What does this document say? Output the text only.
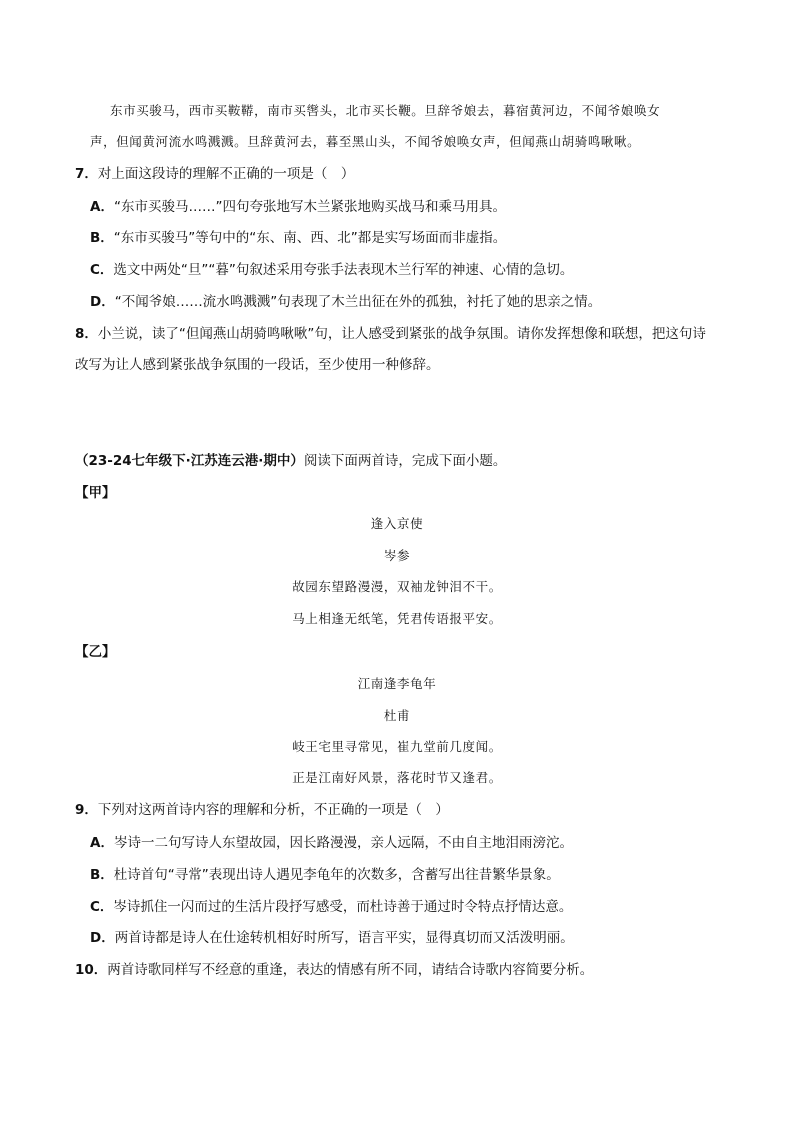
东市买骏马，西市买鞍鞯，南市买辔头，北市买长鞭。旦辞爷娘去，暮宿黄河边，不闻爷娘唤女
声，但闻黄河流水鸣溅溅。旦辞黄河去，暮至黑山头，不闻爷娘唤女声，但闻燕山胡骑鸣啾啾。
7．对上面这段诗的理解不正确的一项是（　）
A．“东市买骏马……”四句夸张地写木兰紧张地购买战马和乘马用具。
B．“东市买骏马”等句中的“东、南、西、北”都是实写场面而非虚指。
C．选文中两处“旦”“暮”句叙述采用夸张手法表现木兰行军的神速、心情的急切。
D．“不闻爷娘……流水鸣溅溅”句表现了木兰出征在外的孤独，衬托了她的思亲之情。
8．小兰说，读了“但闻燕山胡骑鸣啾啾”句，让人感受到紧张的战争氛围。请你发挥想像和联想，把这句诗
改写为让人感到紧张战争氛围的一段话，至少使用一种修辞。
（23-24七年级下·江苏连云港·期中）阅读下面两首诗，完成下面小题。
【甲】
逢入京使
岑参
故园东望路漫漫，双袖龙钟泪不干。
马上相逢无纸笔，凭君传语报平安。
【乙】
江南逢李龟年
杜甫
岐王宅里寻常见，崔九堂前几度闻。
正是江南好风景，落花时节又逢君。
9．下列对这两首诗内容的理解和分析，不正确的一项是（　）
A．岑诗一二句写诗人东望故园，因长路漫漫，亲人远隔，不由自主地泪雨滂沱。
B．杜诗首句“寻常”表现出诗人遇见李龟年的次数多，含蓄写出往昔繁华景象。
C．岑诗抓住一闪而过的生活片段抒写感受，而杜诗善于通过时令特点抒情达意。
D．两首诗都是诗人在仕途转机相好时所写，语言平实，显得真切而又活泼明丽。
10．两首诗歌同样写不经意的重逢，表达的情感有所不同，请结合诗歌内容简要分析。
